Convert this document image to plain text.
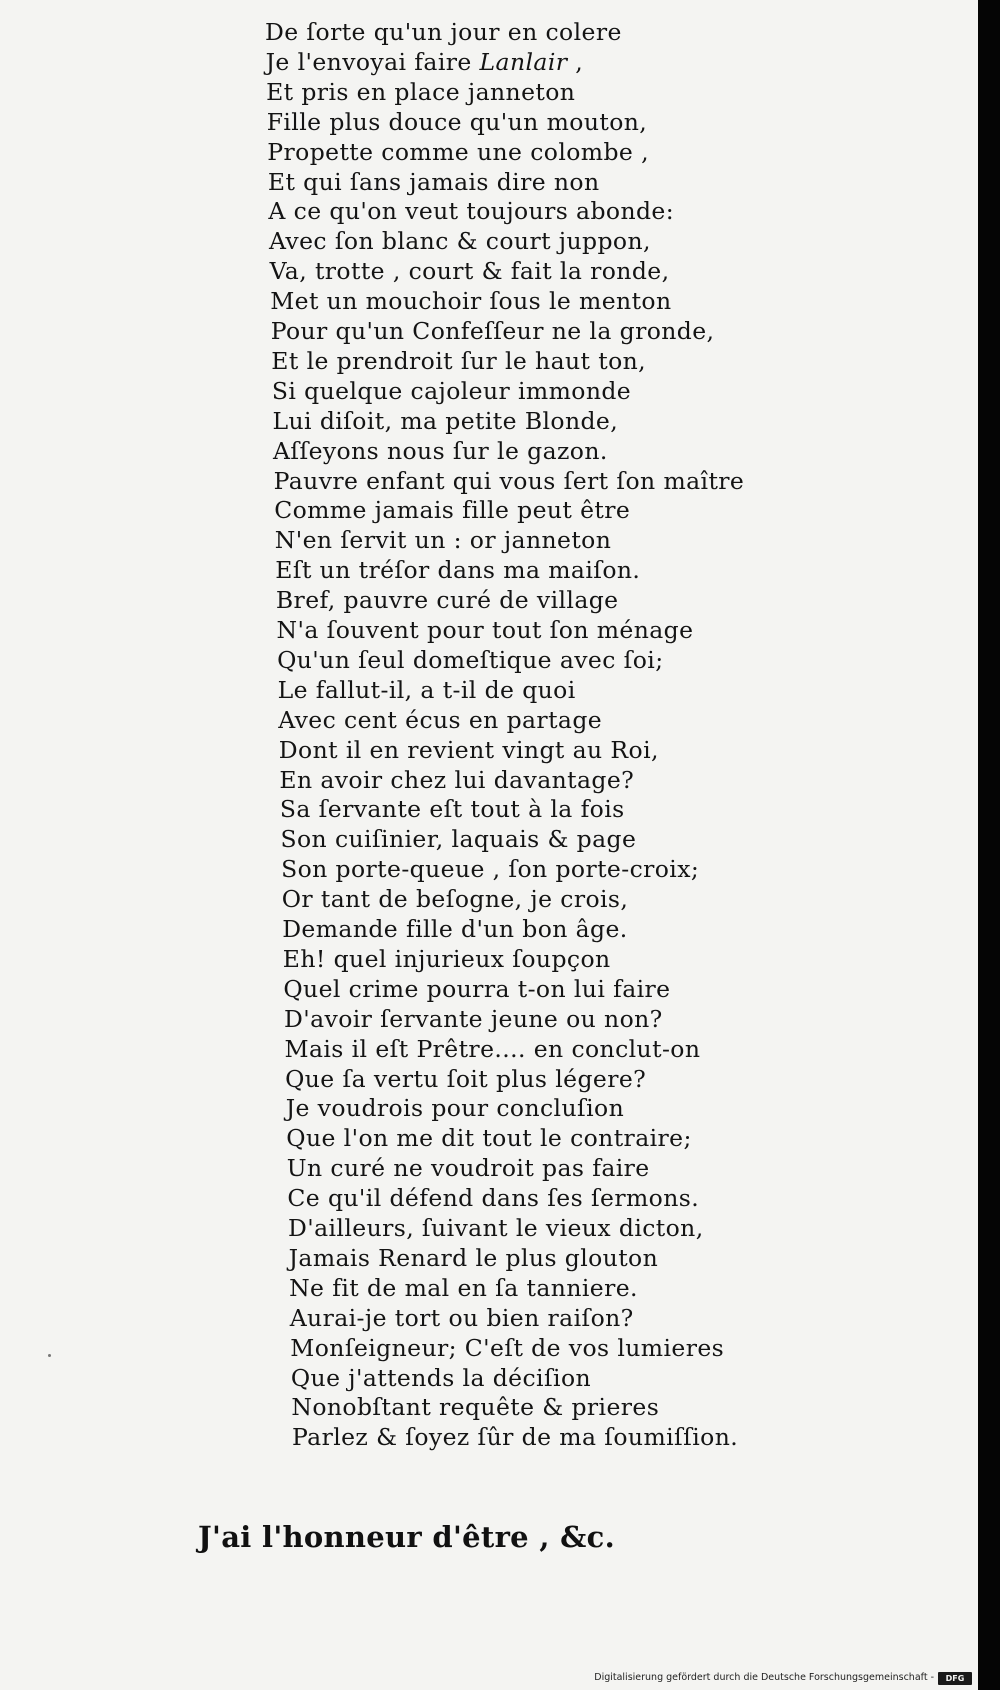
De ſorte qu'un jour en colere
Je l'envoyai faire Lanlair ,
Et pris en place janneton
Fille plus douce qu'un mouton,
Propette comme une colombe ,
Et qui ſans jamais dire non
A ce qu'on veut toujours abonde:
Avec ſon blanc & court juppon,
Va, trotte , court & fait la ronde,
Met un mouchoir ſous le menton
Pour qu'un Confeſſeur ne la gronde,
Et le prendroit ſur le haut ton,
Si quelque cajoleur immonde
Lui diſoit, ma petite Blonde,
Aſſeyons nous ſur le gazon.
Pauvre enfant qui vous ſert ſon maître
Comme jamais fille peut être
N'en ſervit un : or janneton
Eſt un tréſor dans ma maiſon.
Bref, pauvre curé de village
N'a ſouvent pour tout ſon ménage
Qu'un ſeul domeſtique avec ſoi;
Le fallut-il, a t-il de quoi
Avec cent écus en partage
Dont il en revient vingt au Roi,
En avoir chez lui davantage?
Sa ſervante eſt tout à la fois
Son cuiſinier, laquais & page
Son porte-queue , ſon porte-croix;
Or tant de beſogne, je crois,
Demande fille d'un bon âge.
Eh! quel injurieux ſoupçon
Quel crime pourra t-on lui faire
D'avoir ſervante jeune ou non?
Mais il eſt Prêtre.... en conclut-on
Que ſa vertu ſoit plus légere?
Je voudrois pour concluſion
Que l'on me dit tout le contraire;
Un curé ne voudroit pas faire
Ce qu'il défend dans ſes ſermons.
D'ailleurs, ſuivant le vieux dicton,
Jamais Renard le plus glouton
Ne fit de mal en ſa tanniere.
Aurai-je tort ou bien raiſon?
Monſeigneur; C'eſt de vos lumieres
Que j'attends la déciſion
Nonobſtant requête & prieres
Parlez & ſoyez ſûr de ma ſoumiſſion.
J'ai l'honneur d'être , &c.
Digitalisierung gefördert durch die Deutsche Forschungsgemeinschaft -	DFG
